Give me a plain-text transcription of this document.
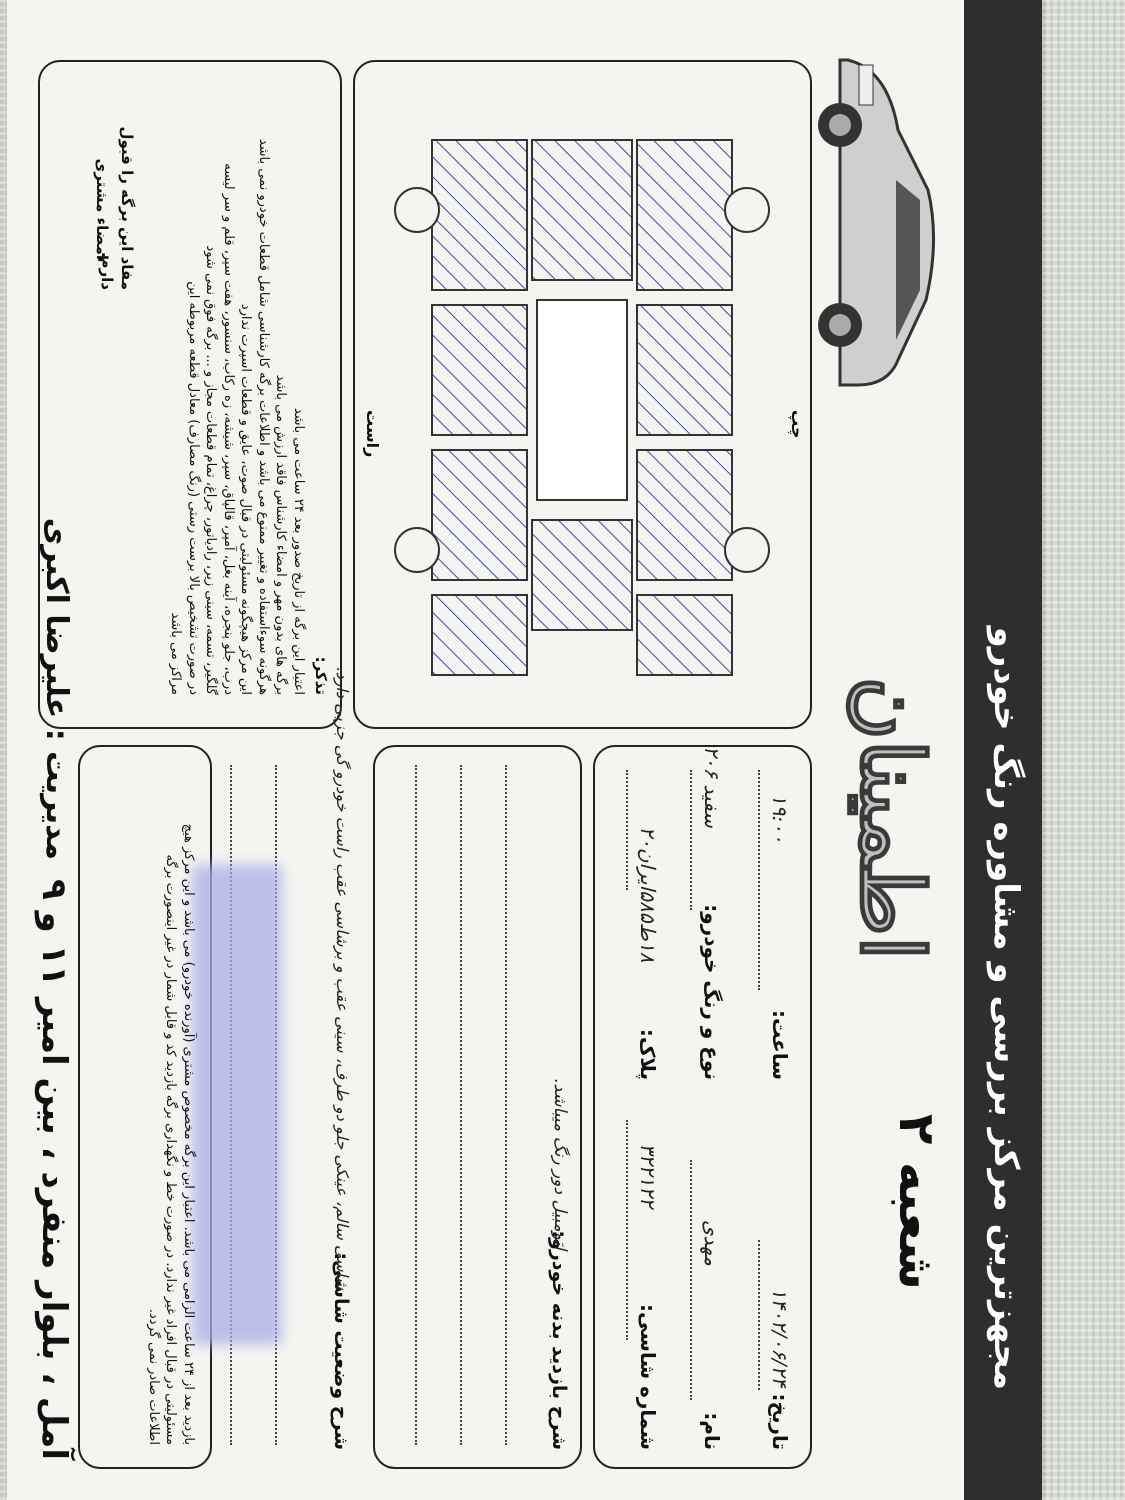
مجهزترین مرکز بررسی و مشاوره رنگ خودرو
اطمینان
شعبه ۲
تاریخ: ۱۴۰۲/۰۶/۲۴
ساعت: ۱۹:۰۰
نام: مهدی
نوع و رنگ خودرو: سفید ۲۰۶
شماره شاسی: ۳۲۲۱۲۲
پلاک: ۱۸ط۵۸۵ایران۲۰
شرح بازدید بدنه خودرو:
اتومبیل دور رنگ میباشد.
شرح وضعیت شاسی:
شاسی سالم، عینکی جلو دو طرف، سینی عقب و برشاسی عقب راست خودرو گی جزیی دارد.
بازدید بعد از ۲۴ ساعت الزامی می باشد. اعتبار این برگه مخصوص مشتری (آورنده خودرو) می باشد و این مرکز هیچ مسئولیتی در قبال افراد غیر ندارد. در صورت خط و نگهداری برگه بازدید کد و قابل شمار در غیر اینصورت برگه اطلاعات صادر نمی گردد.
مفاد این برگه را قبول دارم.
امضاء مشتری
آمل ، بلوار منفرد ، بین امیر ۱۱ و ۹
مدیریت : علیرضا اکبری
چپ
راست
تذکر:
اعتبار این برگه از تاریخ صدور بعد ۲۴ ساعت می باشد
برگه های بدون مهر و امضاء کارشناس فاقد ارزش می باشد
هرگونه سوءاستفاده و تغییر ممنوع می باشد و اطلاعات برگه کارشناسی شامل قطعات خودرو نمی باشد
این مرکز هیچگونه مسئولیتی در قبال صوت، عایق و قطعات اسپرت ندارد
درب، جلو پنجره، آینه بغل، آمپر، قالپاق، سپر، شیشه، زه رکاب، سنسور، هفت سپر، قلم و سر لیسه
گلگیر، تسمه، سینی زیر، رادیاتور، چراغ، تمام قطعات مجاز و ... برگه فوق نمی شود
در صورت تشخیص بالا برست رستی (رنگ مصارف) معادل قطعه مربوطه این
مراکز می باشد
